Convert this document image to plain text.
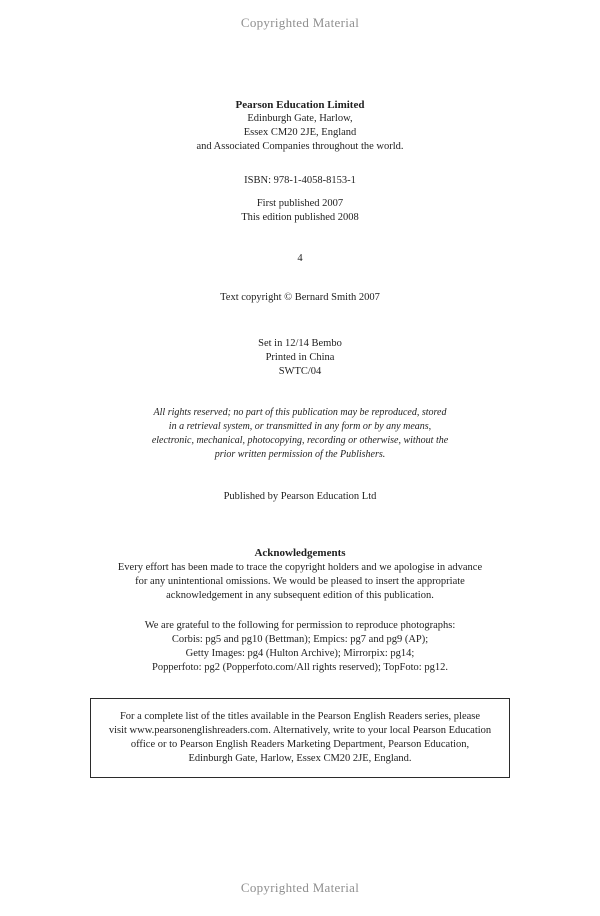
Copyrighted Material
Pearson Education Limited
Edinburgh Gate, Harlow,
Essex CM20 2JE, England
and Associated Companies throughout the world.
ISBN: 978-1-4058-8153-1
First published 2007
This edition published 2008
4
Text copyright © Bernard Smith 2007
Set in 12/14 Bembo
Printed in China
SWTC/04
All rights reserved; no part of this publication may be reproduced, stored
in a retrieval system, or transmitted in any form or by any means,
electronic, mechanical, photocopying, recording or otherwise, without the
prior written permission of the Publishers.
Published by Pearson Education Ltd
Acknowledgements
Every effort has been made to trace the copyright holders and we apologise in advance
for any unintentional omissions. We would be pleased to insert the appropriate
acknowledgement in any subsequent edition of this publication.
We are grateful to the following for permission to reproduce photographs:
Corbis: pg5 and pg10 (Bettman); Empics: pg7 and pg9 (AP);
Getty Images: pg4 (Hulton Archive); Mirrorpix: pg14;
Popperfoto: pg2 (Popperfoto.com/All rights reserved); TopFoto: pg12.
For a complete list of the titles available in the Pearson English Readers series, please
visit www.pearsonenglishreaders.com. Alternatively, write to your local Pearson Education
office or to Pearson English Readers Marketing Department, Pearson Education,
Edinburgh Gate, Harlow, Essex CM20 2JE, England.
Copyrighted Material
